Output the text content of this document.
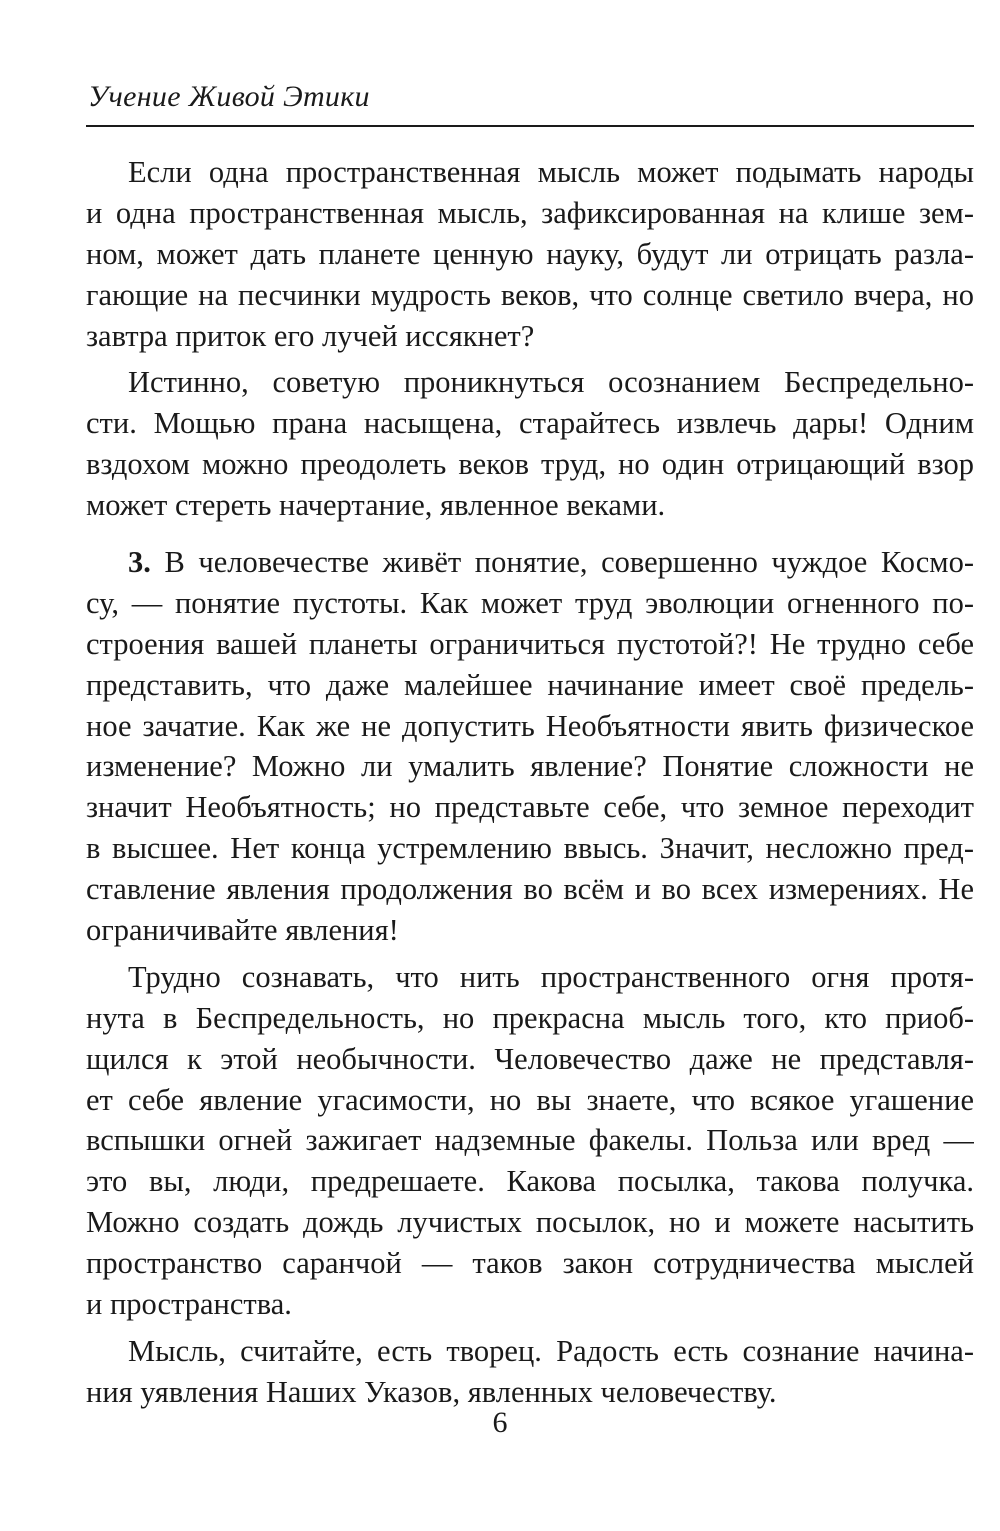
Учение Живой Этики
Если одна пространственная мысль может подымать народы
и одна пространственная мысль, зафиксированная на клише зем-
ном, может дать планете ценную науку, будут ли отрицать разла-
гающие на песчинки мудрость веков, что солнце светило вчера, но
завтра приток его лучей иссякнет?
Истинно, советую проникнуться осознанием Беспредельно-
сти. Мощью прана насыщена, старайтесь извлечь дары! Одним
вздохом можно преодолеть веков труд, но один отрицающий взор
может стереть начертание, явленное веками.
3. В человечестве живёт понятие, совершенно чуждое Космо-
су, — понятие пустоты. Как может труд эволюции огненного по-
строения вашей планеты ограничиться пустотой?! Не трудно себе
представить, что даже малейшее начинание имеет своё предель-
ное зачатие. Как же не допустить Необъятности явить физическое
изменение? Можно ли умалить явление? Понятие сложности не
значит Необъятность; но представьте себе, что земное переходит
в высшее. Нет конца устремлению ввысь. Значит, несложно пред-
ставление явления продолжения во всём и во всех измерениях. Не
ограничивайте явления!
Трудно сознавать, что нить пространственного огня протя-
нута в Беспредельность, но прекрасна мысль того, кто приоб-
щился к этой необычности. Человечество даже не представля-
ет себе явление угасимости, но вы знаете, что всякое угашение
вспышки огней зажигает надземные факелы. Польза или вред —
это вы, люди, предрешаете. Какова посылка, такова получка.
Можно создать дождь лучистых посылок, но и можете насытить
пространство саранчой — таков закон сотрудничества мыслей
и пространства.
Мысль, считайте, есть творец. Радость есть сознание начина-
ния уявления Наших Указов, явленных человечеству.
6
